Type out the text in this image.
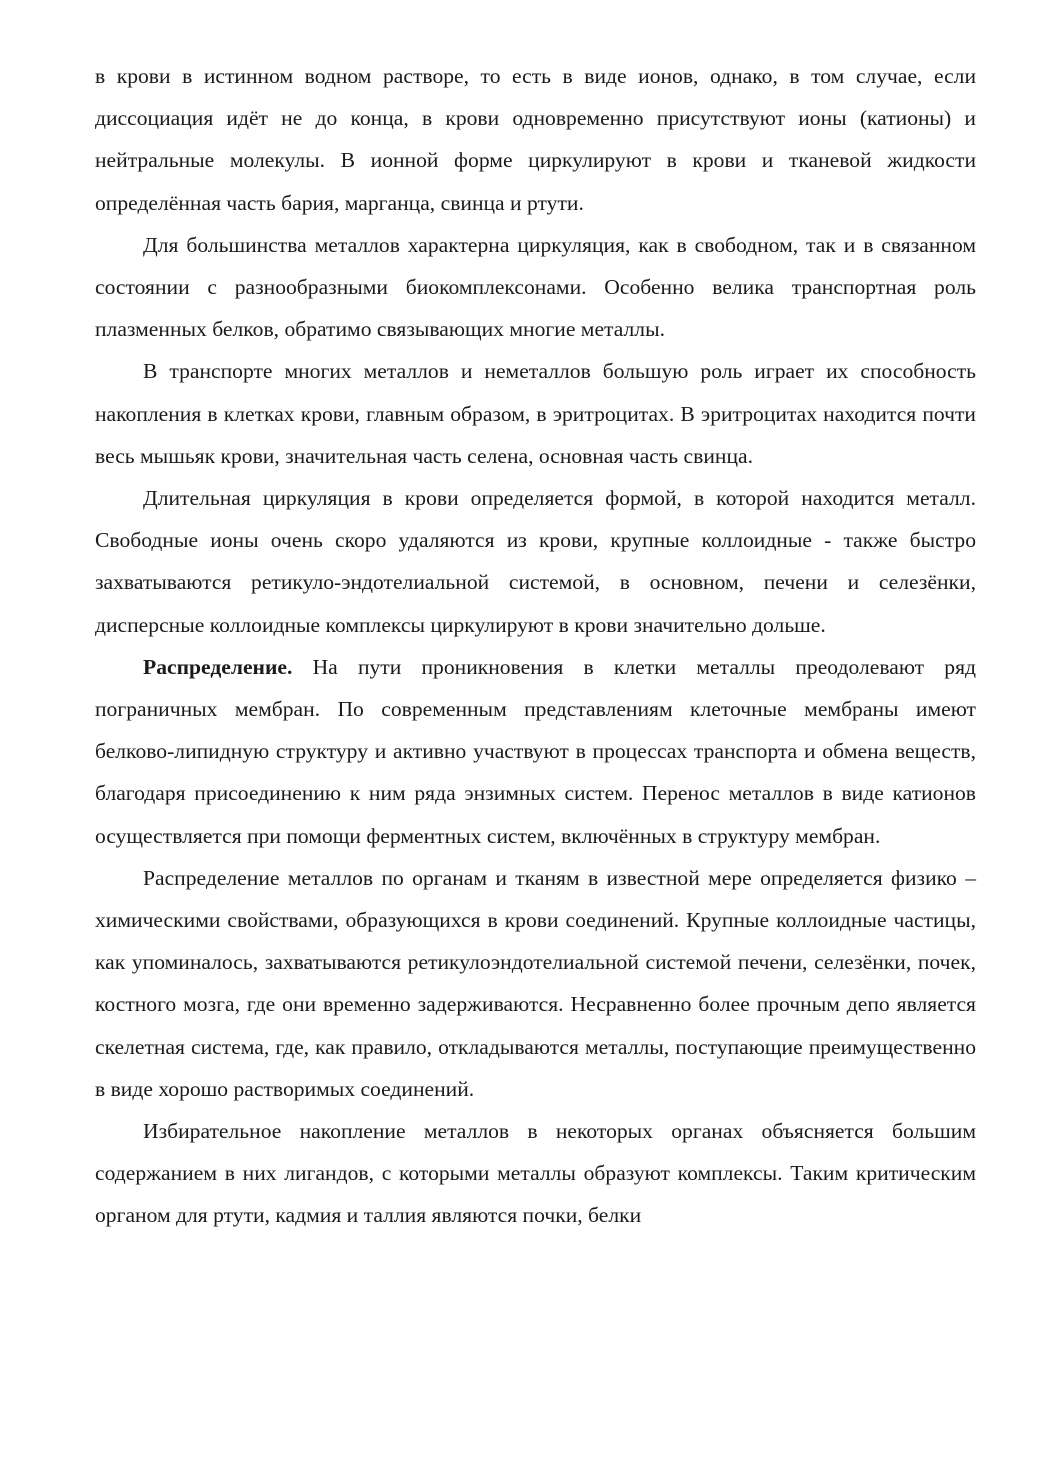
в крови в истинном водном растворе, то есть в виде ионов, однако, в том случае, если диссоциация идёт не до конца, в крови одновременно присутствуют ионы (катионы) и нейтральные молекулы. В ионной форме циркулируют в крови и тканевой жидкости определённая часть бария, марганца, свинца и ртути.

Для большинства металлов характерна циркуляция, как в свободном, так и в связанном состоянии с разнообразными биокомплексонами. Особенно велика транспортная роль плазменных белков, обратимо связывающих многие металлы.

В транспорте многих металлов и неметаллов большую роль играет их способность накопления в клетках крови, главным образом, в эритроцитах. В эритроцитах находится почти весь мышьяк крови, значительная часть селена, основная часть свинца.

Длительная циркуляция в крови определяется формой, в которой находится металл. Свободные ионы очень скоро удаляются из крови, крупные коллоидные - также быстро захватываются ретикуло-эндотелиальной системой, в основном, печени и селезёнки, дисперсные коллоидные комплексы циркулируют в крови значительно дольше.

Распределение. На пути проникновения в клетки металлы преодолевают ряд пограничных мембран. По современным представлениям клеточные мембраны имеют белково-липидную структуру и активно участвуют в процессах транспорта и обмена веществ, благодаря присоединению к ним ряда энзимных систем. Перенос металлов в виде катионов осуществляется при помощи ферментных систем, включённых в структуру мембран.

Распределение металлов по органам и тканям в известной мере определяется физико – химическими свойствами, образующихся в крови соединений. Крупные коллоидные частицы, как упоминалось, захватываются ретикулоэндотелиальной системой печени, селезёнки, почек, костного мозга, где они временно задерживаются. Несравненно более прочным депо является скелетная система, где, как правило, откладываются металлы, поступающие преимущественно в виде хорошо растворимых соединений.

Избирательное накопление металлов в некоторых органах объясняется большим содержанием в них лигандов, с которыми металлы образуют комплексы. Таким критическим органом для ртути, кадмия и таллия являются почки, белки
